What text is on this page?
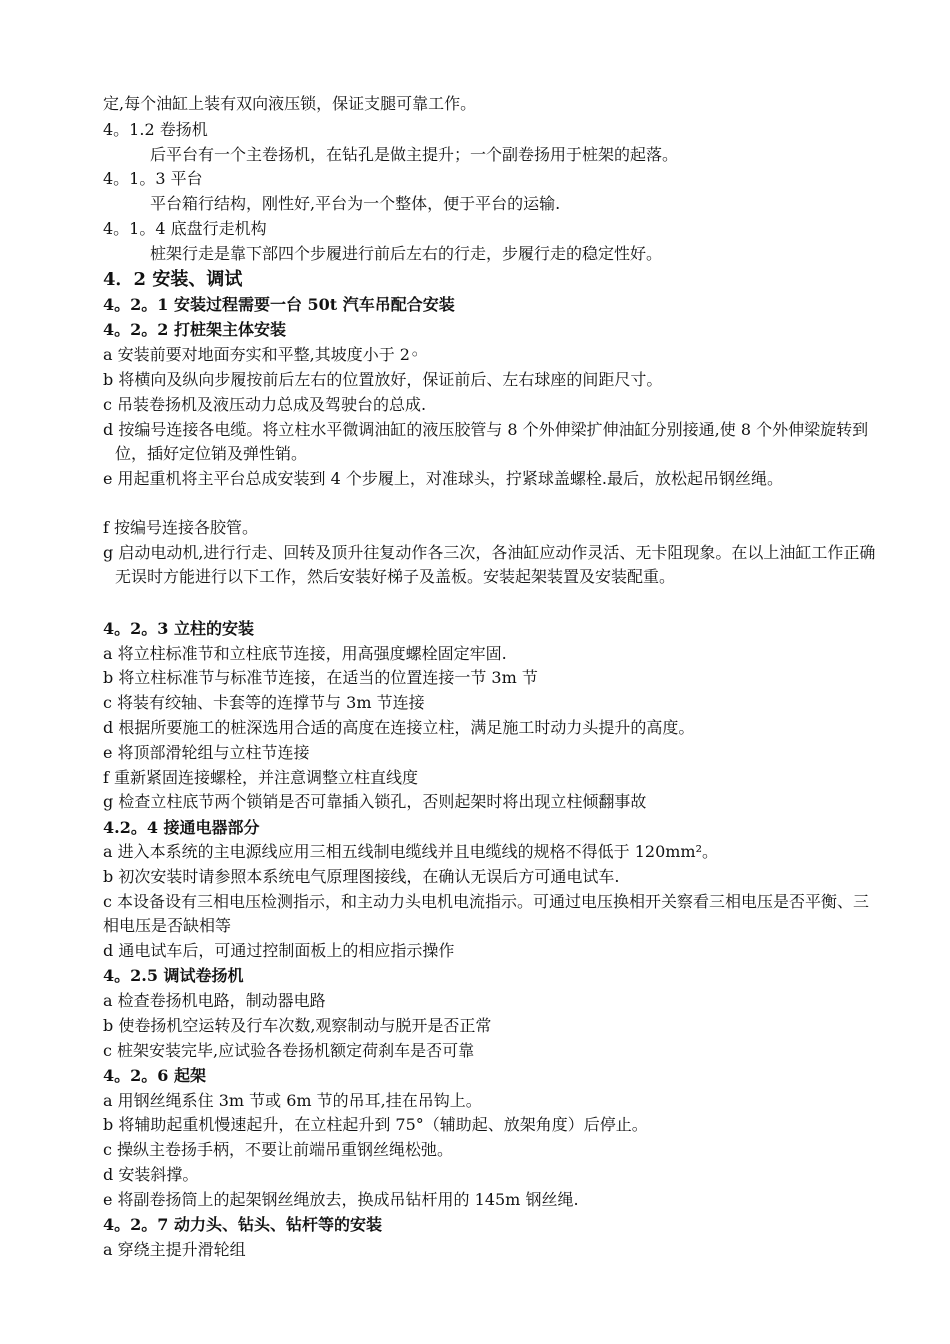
定,每个油缸上装有双向液压锁，保证支腿可靠工作。
4。1.2 卷扬机
后平台有一个主卷扬机，在钻孔是做主提升；一个副卷扬用于桩架的起落。
4。1。3 平台
平台箱行结构，刚性好,平台为一个整体，便于平台的运输.
4。1。4 底盘行走机构
桩架行走是靠下部四个步履进行前后左右的行走，步履行走的稳定性好。
4．2 安装、调试
4。2。1 安装过程需要一台 50t 汽车吊配合安装
4。2。2 打桩架主体安装
a 安装前要对地面夯实和平整,其坡度小于 2◦
b 将横向及纵向步履按前后左右的位置放好，保证前后、左右球座的间距尺寸。
c 吊装卷扬机及液压动力总成及驾驶台的总成.
d 按编号连接各电缆。将立柱水平微调油缸的液压胶管与 8 个外伸梁扩伸油缸分别接通,使 8 个外伸梁旋转到位，插好定位销及弹性销。
e 用起重机将主平台总成安装到 4 个步履上，对准球头，拧紧球盖螺栓.最后，放松起吊钢丝绳。
f 按编号连接各胶管。
g 启动电动机,进行行走、回转及顶升往复动作各三次，各油缸应动作灵活、无卡阻现象。在以上油缸工作正确无误时方能进行以下工作，然后安装好梯子及盖板。安装起架装置及安装配重。
4。2。3 立柱的安装
a 将立柱标准节和立柱底节连接，用高强度螺栓固定牢固.
b 将立柱标准节与标准节连接，在适当的位置连接一节 3m 节
c 将装有绞轴、卡套等的连撑节与 3m 节连接
d 根据所要施工的桩深选用合适的高度在连接立柱，满足施工时动力头提升的高度。
e 将顶部滑轮组与立柱节连接
f 重新紧固连接螺栓，并注意调整立柱直线度
g 检查立柱底节两个锁销是否可靠插入锁孔，否则起架时将出现立柱倾翻事故
4.2。4 接通电器部分
a 进入本系统的主电源线应用三相五线制电缆线并且电缆线的规格不得低于 120mm²。
b 初次安装时请参照本系统电气原理图接线，在确认无误后方可通电试车.
c 本设备设有三相电压检测指示，和主动力头电机电流指示。可通过电压换相开关察看三相电压是否平衡、三相电压是否缺相等
d 通电试车后，可通过控制面板上的相应指示操作
4。2.5 调试卷扬机
a 检查卷扬机电路，制动器电路
b 使卷扬机空运转及行车次数,观察制动与脱开是否正常
c 桩架安装完毕,应试验各卷扬机额定荷刹车是否可靠
4。2。6 起架
a 用钢丝绳系住 3m 节或 6m 节的吊耳,挂在吊钩上。
b 将辅助起重机慢速起升，在立柱起升到 75°（辅助起、放架角度）后停止。
c 操纵主卷扬手柄，不要让前端吊重钢丝绳松弛。
d 安装斜撑。
e 将副卷扬筒上的起架钢丝绳放去，换成吊钻杆用的 145m 钢丝绳.
4。2。7 动力头、钻头、钻杆等的安装
a 穿绕主提升滑轮组
